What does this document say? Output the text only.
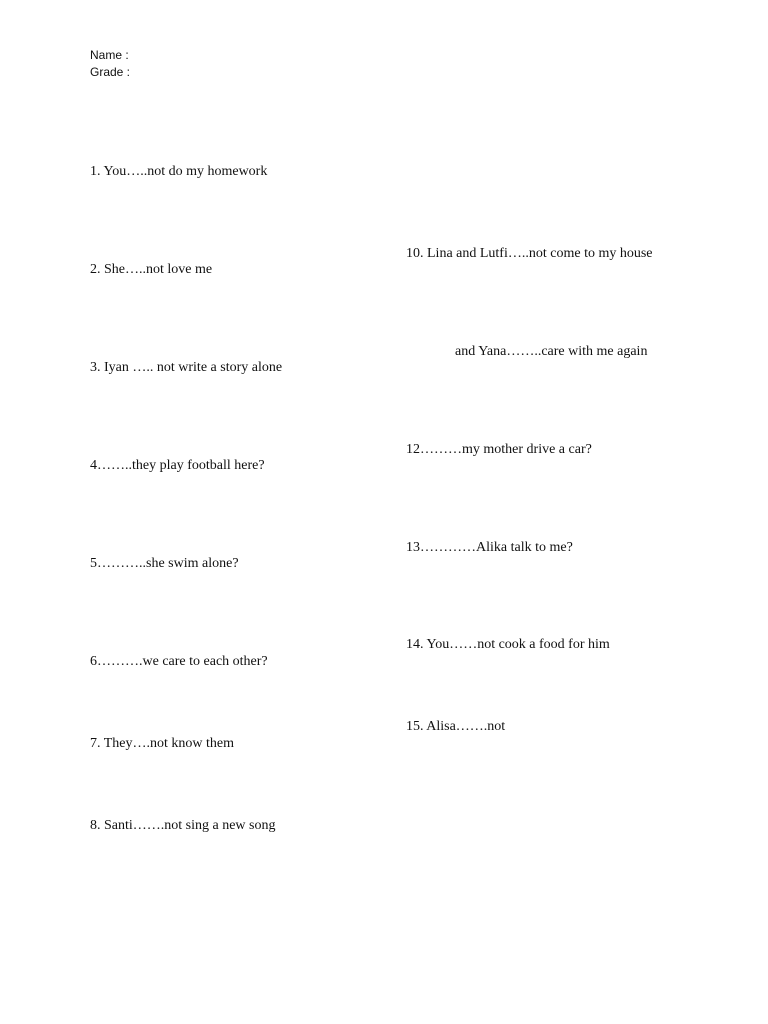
Name :
Grade :
1. You…..not do my homework
2. She…..not love me
3. Iyan ….. not write a story alone
4……..they play football here?
5………..she swim alone?
6……….we care to each other?
7. They….not know them
8. Santi…….not sing a new song
10. Lina and Lutfi…..not come to my house
and Yana……..care with me again
12………my mother drive a car?
13…………Alika talk to me?
14. You……not cook a food for him
15. Alisa…….not
